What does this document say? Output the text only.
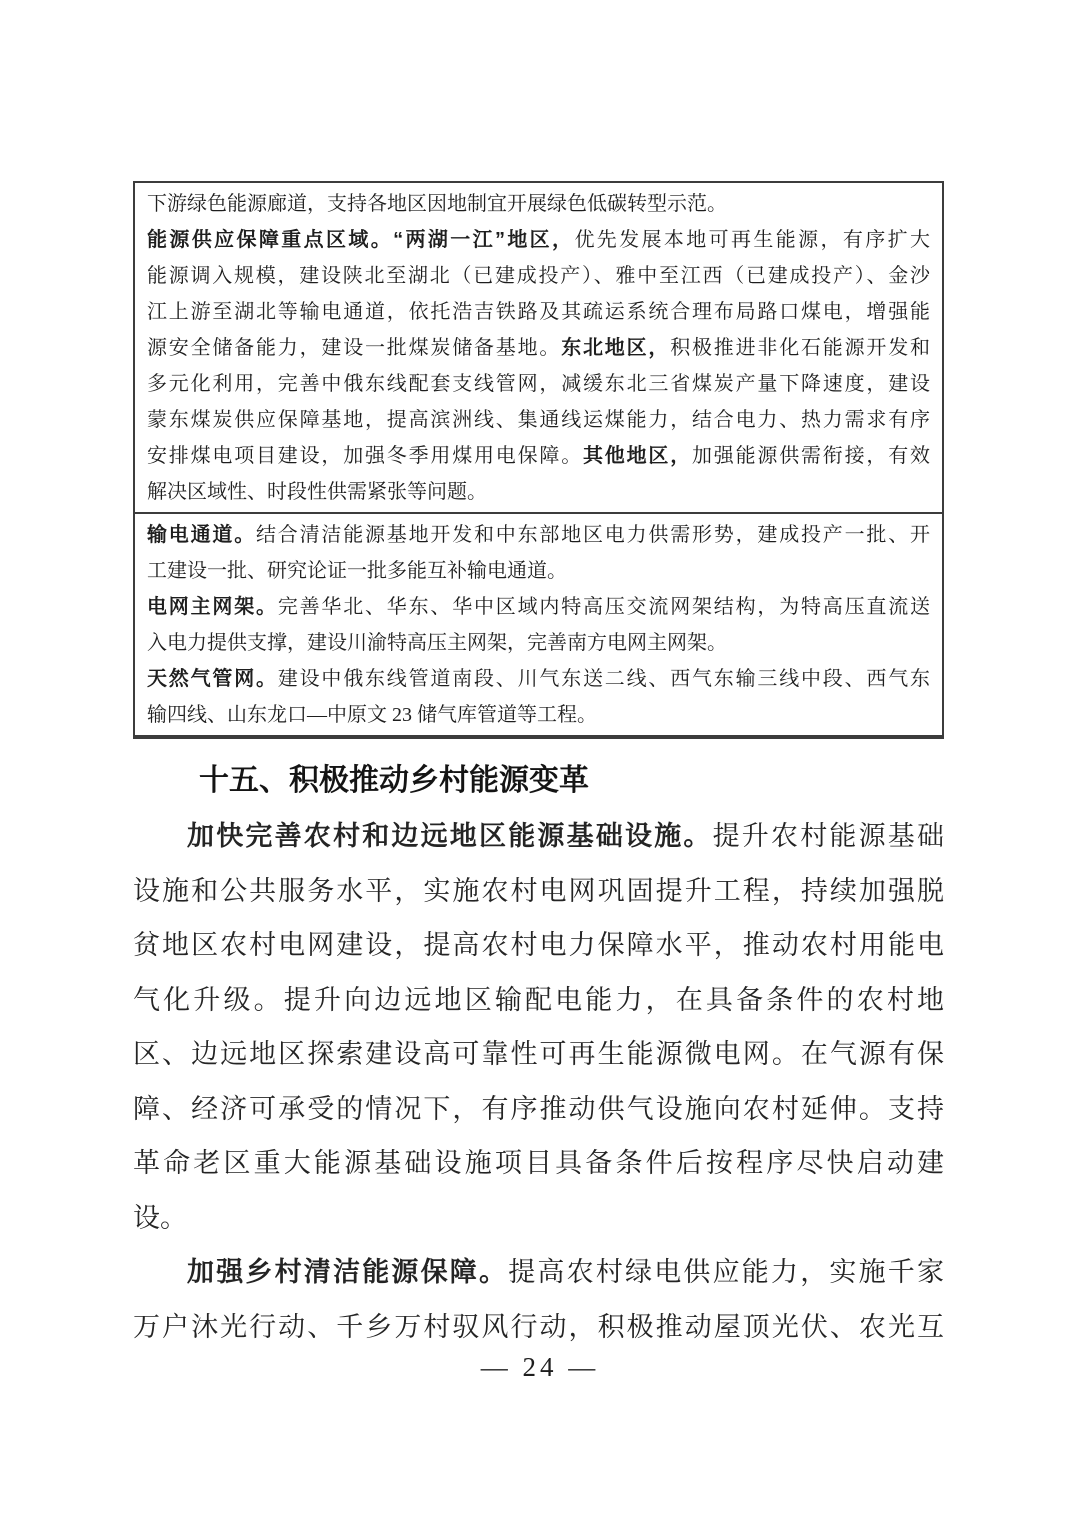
下游绿色能源廊道，支持各地区因地制宜开展绿色低碳转型示范。
能源供应保障重点区域。“两湖一江”地区，优先发展本地可再生能源，有序扩大
能源调入规模，建设陕北至湖北（已建成投产）、雅中至江西（已建成投产）、金沙
江上游至湖北等输电通道，依托浩吉铁路及其疏运系统合理布局路口煤电，增强能
源安全储备能力，建设一批煤炭储备基地。东北地区，积极推进非化石能源开发和
多元化利用，完善中俄东线配套支线管网，减缓东北三省煤炭产量下降速度，建设
蒙东煤炭供应保障基地，提高滨洲线、集通线运煤能力，结合电力、热力需求有序
安排煤电项目建设，加强冬季用煤用电保障。其他地区，加强能源供需衔接，有效
解决区域性、时段性供需紧张等问题。
输电通道。结合清洁能源基地开发和中东部地区电力供需形势，建成投产一批、开
工建设一批、研究论证一批多能互补输电通道。
电网主网架。完善华北、华东、华中区域内特高压交流网架结构，为特高压直流送
入电力提供支撑，建设川渝特高压主网架，完善南方电网主网架。
天然气管网。建设中俄东线管道南段、川气东送二线、西气东输三线中段、西气东
输四线、山东龙口—中原文 23 储气库管道等工程。
十五、积极推动乡村能源变革
加快完善农村和边远地区能源基础设施。提升农村能源基础
设施和公共服务水平，实施农村电网巩固提升工程，持续加强脱
贫地区农村电网建设，提高农村电力保障水平，推动农村用能电
气化升级。提升向边远地区输配电能力，在具备条件的农村地
区、边远地区探索建设高可靠性可再生能源微电网。在气源有保
障、经济可承受的情况下，有序推动供气设施向农村延伸。支持
革命老区重大能源基础设施项目具备条件后按程序尽快启动建
设。
加强乡村清洁能源保障。提高农村绿电供应能力，实施千家
万户沐光行动、千乡万村驭风行动，积极推动屋顶光伏、农光互
— 24 —
